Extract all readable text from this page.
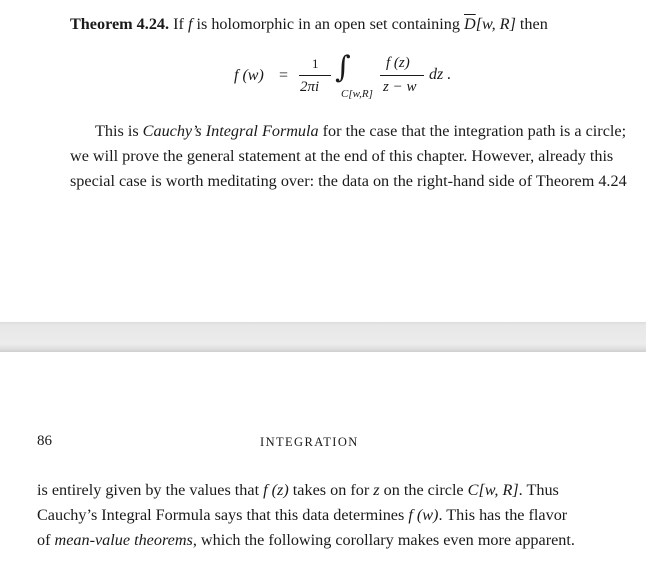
Theorem 4.24. If f is holomorphic in an open set containing $\overline{D}[w$, R] then
f (w) =
1
2πi
∫
C[w,R]
f (z)
z − w
dz .
This is Cauchy’s Integral Formula for the case that the integration path is a circle;
we will prove the general statement at the end of this chapter. However, already this
special case is worth meditating over: the data on the right-hand side of Theorem 4.24
86	INTEGRATION
is entirely given by the values that f (z) takes on for z on the circle C[w, R]. Thus
Cauchy’s Integral Formula says that this data determines f (w). This has the flavor
of mean-value theorems, which the following corollary makes even more apparent.
